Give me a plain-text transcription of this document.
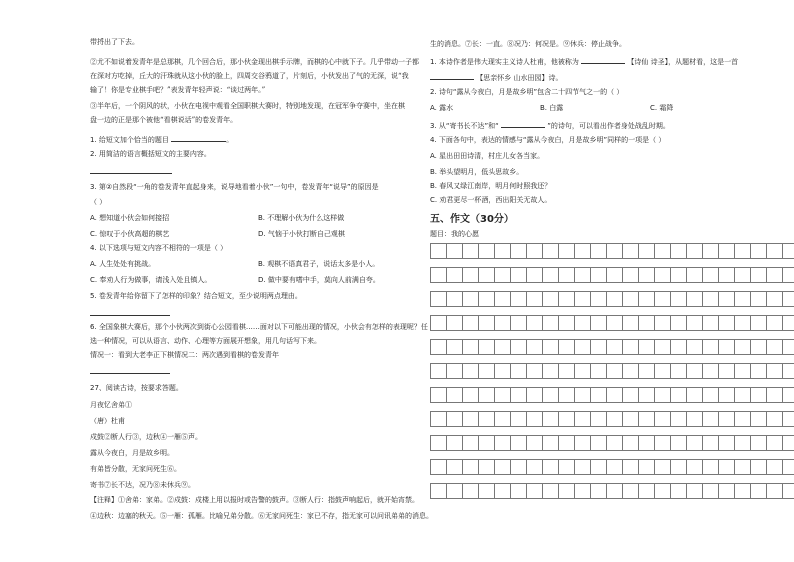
带捋出了下去。
②尤不如说着发青年是总那棋，几个回合后，那小伙金现出棋手示牌，而棋的心中就下子。几乎带动一子都
在深对方吃掉，丘大的汗珠就从这小伙的脸上，四周交谷鸦道了，片刻后，小伙发出了气的无深，说“我
输了！你是专业棋手吧？”表发青年轻声说：“谈过两年。”
③半年后，一个阴风的状，小伙在电视中观看全国职棋大赛时，特别地发现，在冠军争夺赛中，坐在棋
盘一边的正是那个被他“看棋说话”的卷发青年。
1. 给短文加个恰当的题目	。
2. 用简洁的语言概括短文的主要内容。
3. 第②自然段“一角的卷发青年直起身来，说导地看着小伙”一句中，卷发青年“说导”的原因是
（ ）
A. 想知道小伙会如何接招	B. 不理解小伙为什么这样做
C. 惊叹于小伙高超的棋艺	D. 气恼于小伙打断自己观棋
4. 以下选项与短文内容不相符的一项是（ ）
A. 人生处处有挑战。	B. 观棋不语真君子，说话太多是小人。
C. 奉劝人行为做事，请浅入处且镇人。	D. 做中要有嗜中手，莫向人前满自夸。
5. 卷发青年给你留下了怎样的印象？结合短文，至少说明两点理由。
6. 全国象棋大赛后，那个小伙两次到街心公园看棋……面对以下可能出现的情况，小伙会有怎样的表现呢？任
选一种情况，可以从语言、动作、心理等方面展开想象，用几句话写下来。
情况一：看到大老李正下棋情况二：两次遇到看棋的卷发青年
27、阅读古诗，按要求答题。
月夜忆舍弟①
（唐）杜甫
戍鼓②断人行③，边秋④一雁⑤声。
露从今夜白，月是故乡明。
有弟皆分散，无家问死生⑥。
寄书⑦长不达，况乃⑧未休兵⑨。
【注释】①舍弟：家弟。②戍鼓：戍楼上用以报时或告警的鼓声。③断人行：指鼓声响起后，就开始宵禁。
④边秋：边塞的秋天。⑤一雁：孤雁。比喻兄弟分散。⑥无家问死生：家已不存，指无家可以问讯弟弟的消息。
生的消息。⑦长：一直。⑧况乃：何况是。⑨休兵：停止战争。
1. 本诗作者是伟大现实主义诗人杜甫，他被称为	【诗仙 诗圣】，从题材看，这是一首
【思亲怀乡 山水田园】诗。
2. 诗句“露从今夜白，月是故乡明”包含二十四节气之一的（ ）
A. 露水	B. 白露	C. 霜降
3. 从“寄书长不达”和“	”的诗句，可以看出作者身处战乱时期。
4. 下面各句中，表达的情感与“露从今夜白，月是故乡明”同样的一项是（ ）
A. 星出田田诗清，村庄儿女各当家。
B. 举头望明月，低头思故乡。
B. 春风又绿江南岸，明月何时照我还？
C. 劝君更尽一杯酒，西出阳关无故人。
五、作文（30分）
题目：我的心愿
